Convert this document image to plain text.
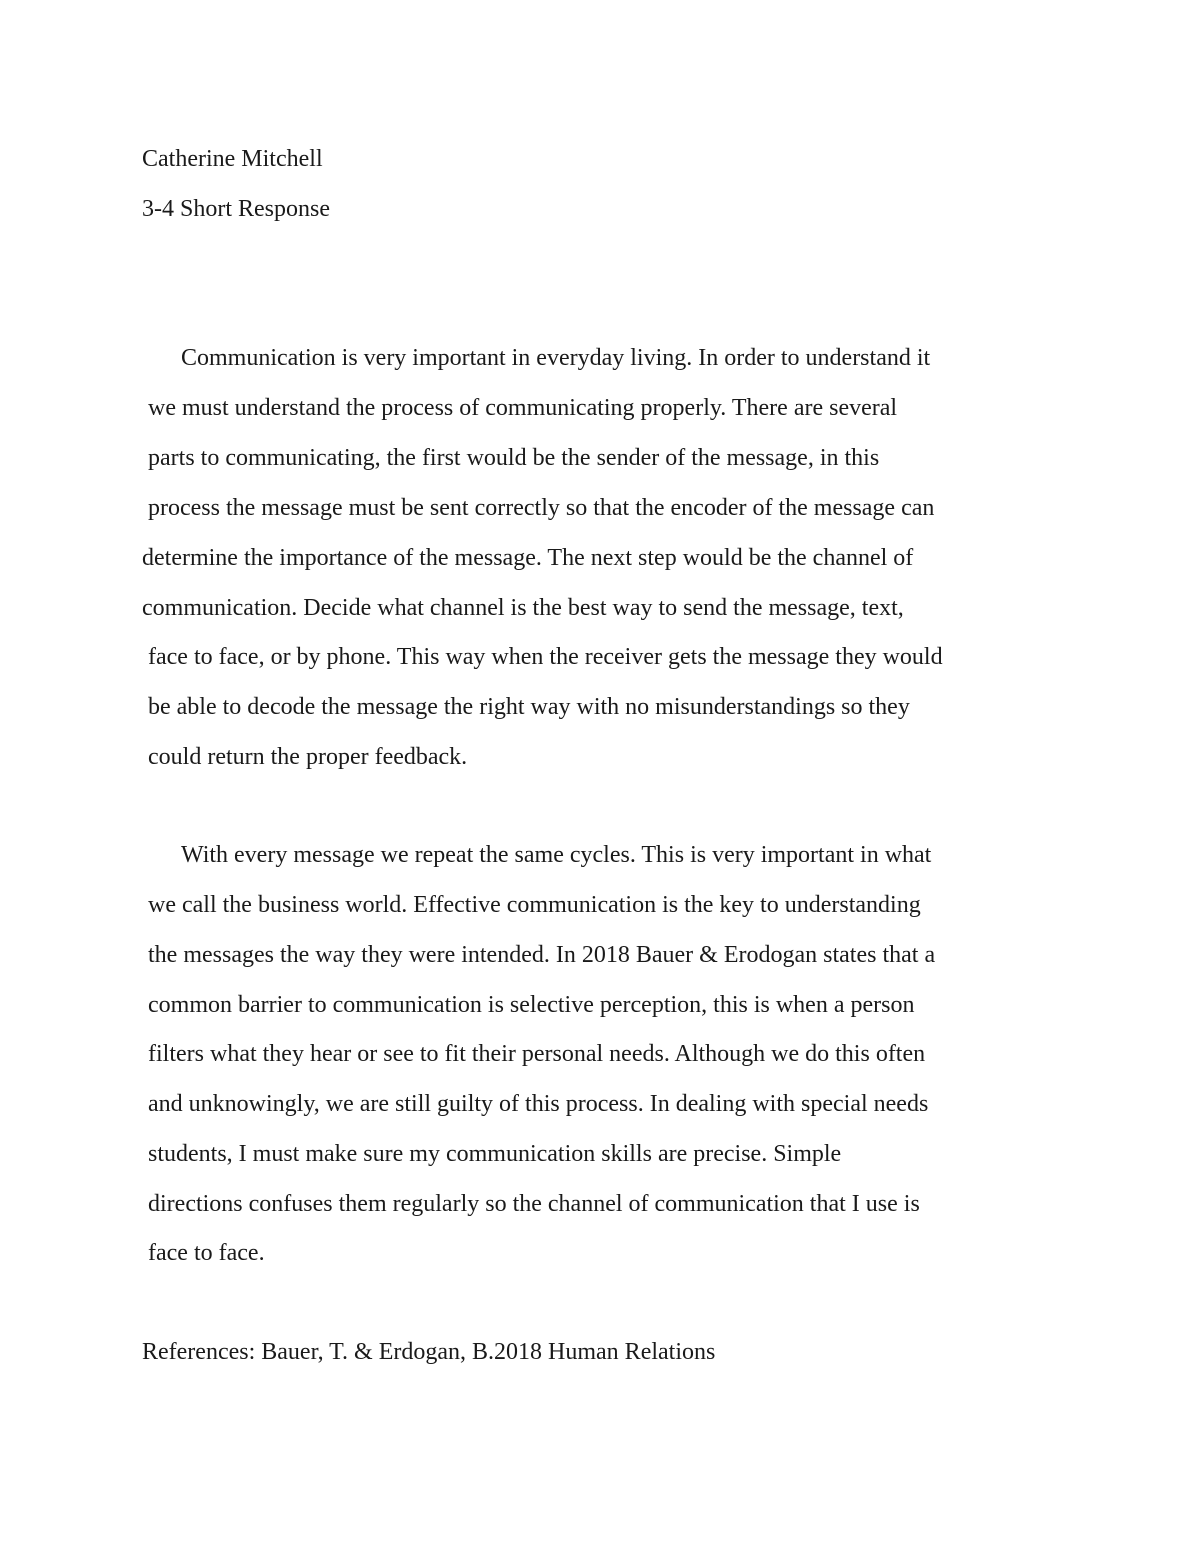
Catherine Mitchell
3-4 Short Response
Communication is very important in everyday living. In order to understand it
we must understand the process of communicating properly. There are several
parts to communicating, the first would be the sender of the message, in this
process the message must be sent correctly so that the encoder of the message can
determine the importance of the message. The next step would be the channel of
communication. Decide what channel is the best way to send the message, text,
face to face, or by phone. This way when the receiver gets the message they would
be able to decode the message the right way with no misunderstandings so they
could return the proper feedback.
With every message we repeat the same cycles. This is very important in what
we call the business world. Effective communication is the key to understanding
the messages the way they were intended. In 2018 Bauer & Erodogan states that a
common barrier to communication is selective perception, this is when a person
filters what they hear or see to fit their personal needs. Although we do this often
and unknowingly, we are still guilty of this process. In dealing with special needs
students, I must make sure my communication skills are precise. Simple
directions confuses them regularly so the channel of communication that I use is
face to face.
References: Bauer, T. & Erdogan, B.2018 Human Relations
